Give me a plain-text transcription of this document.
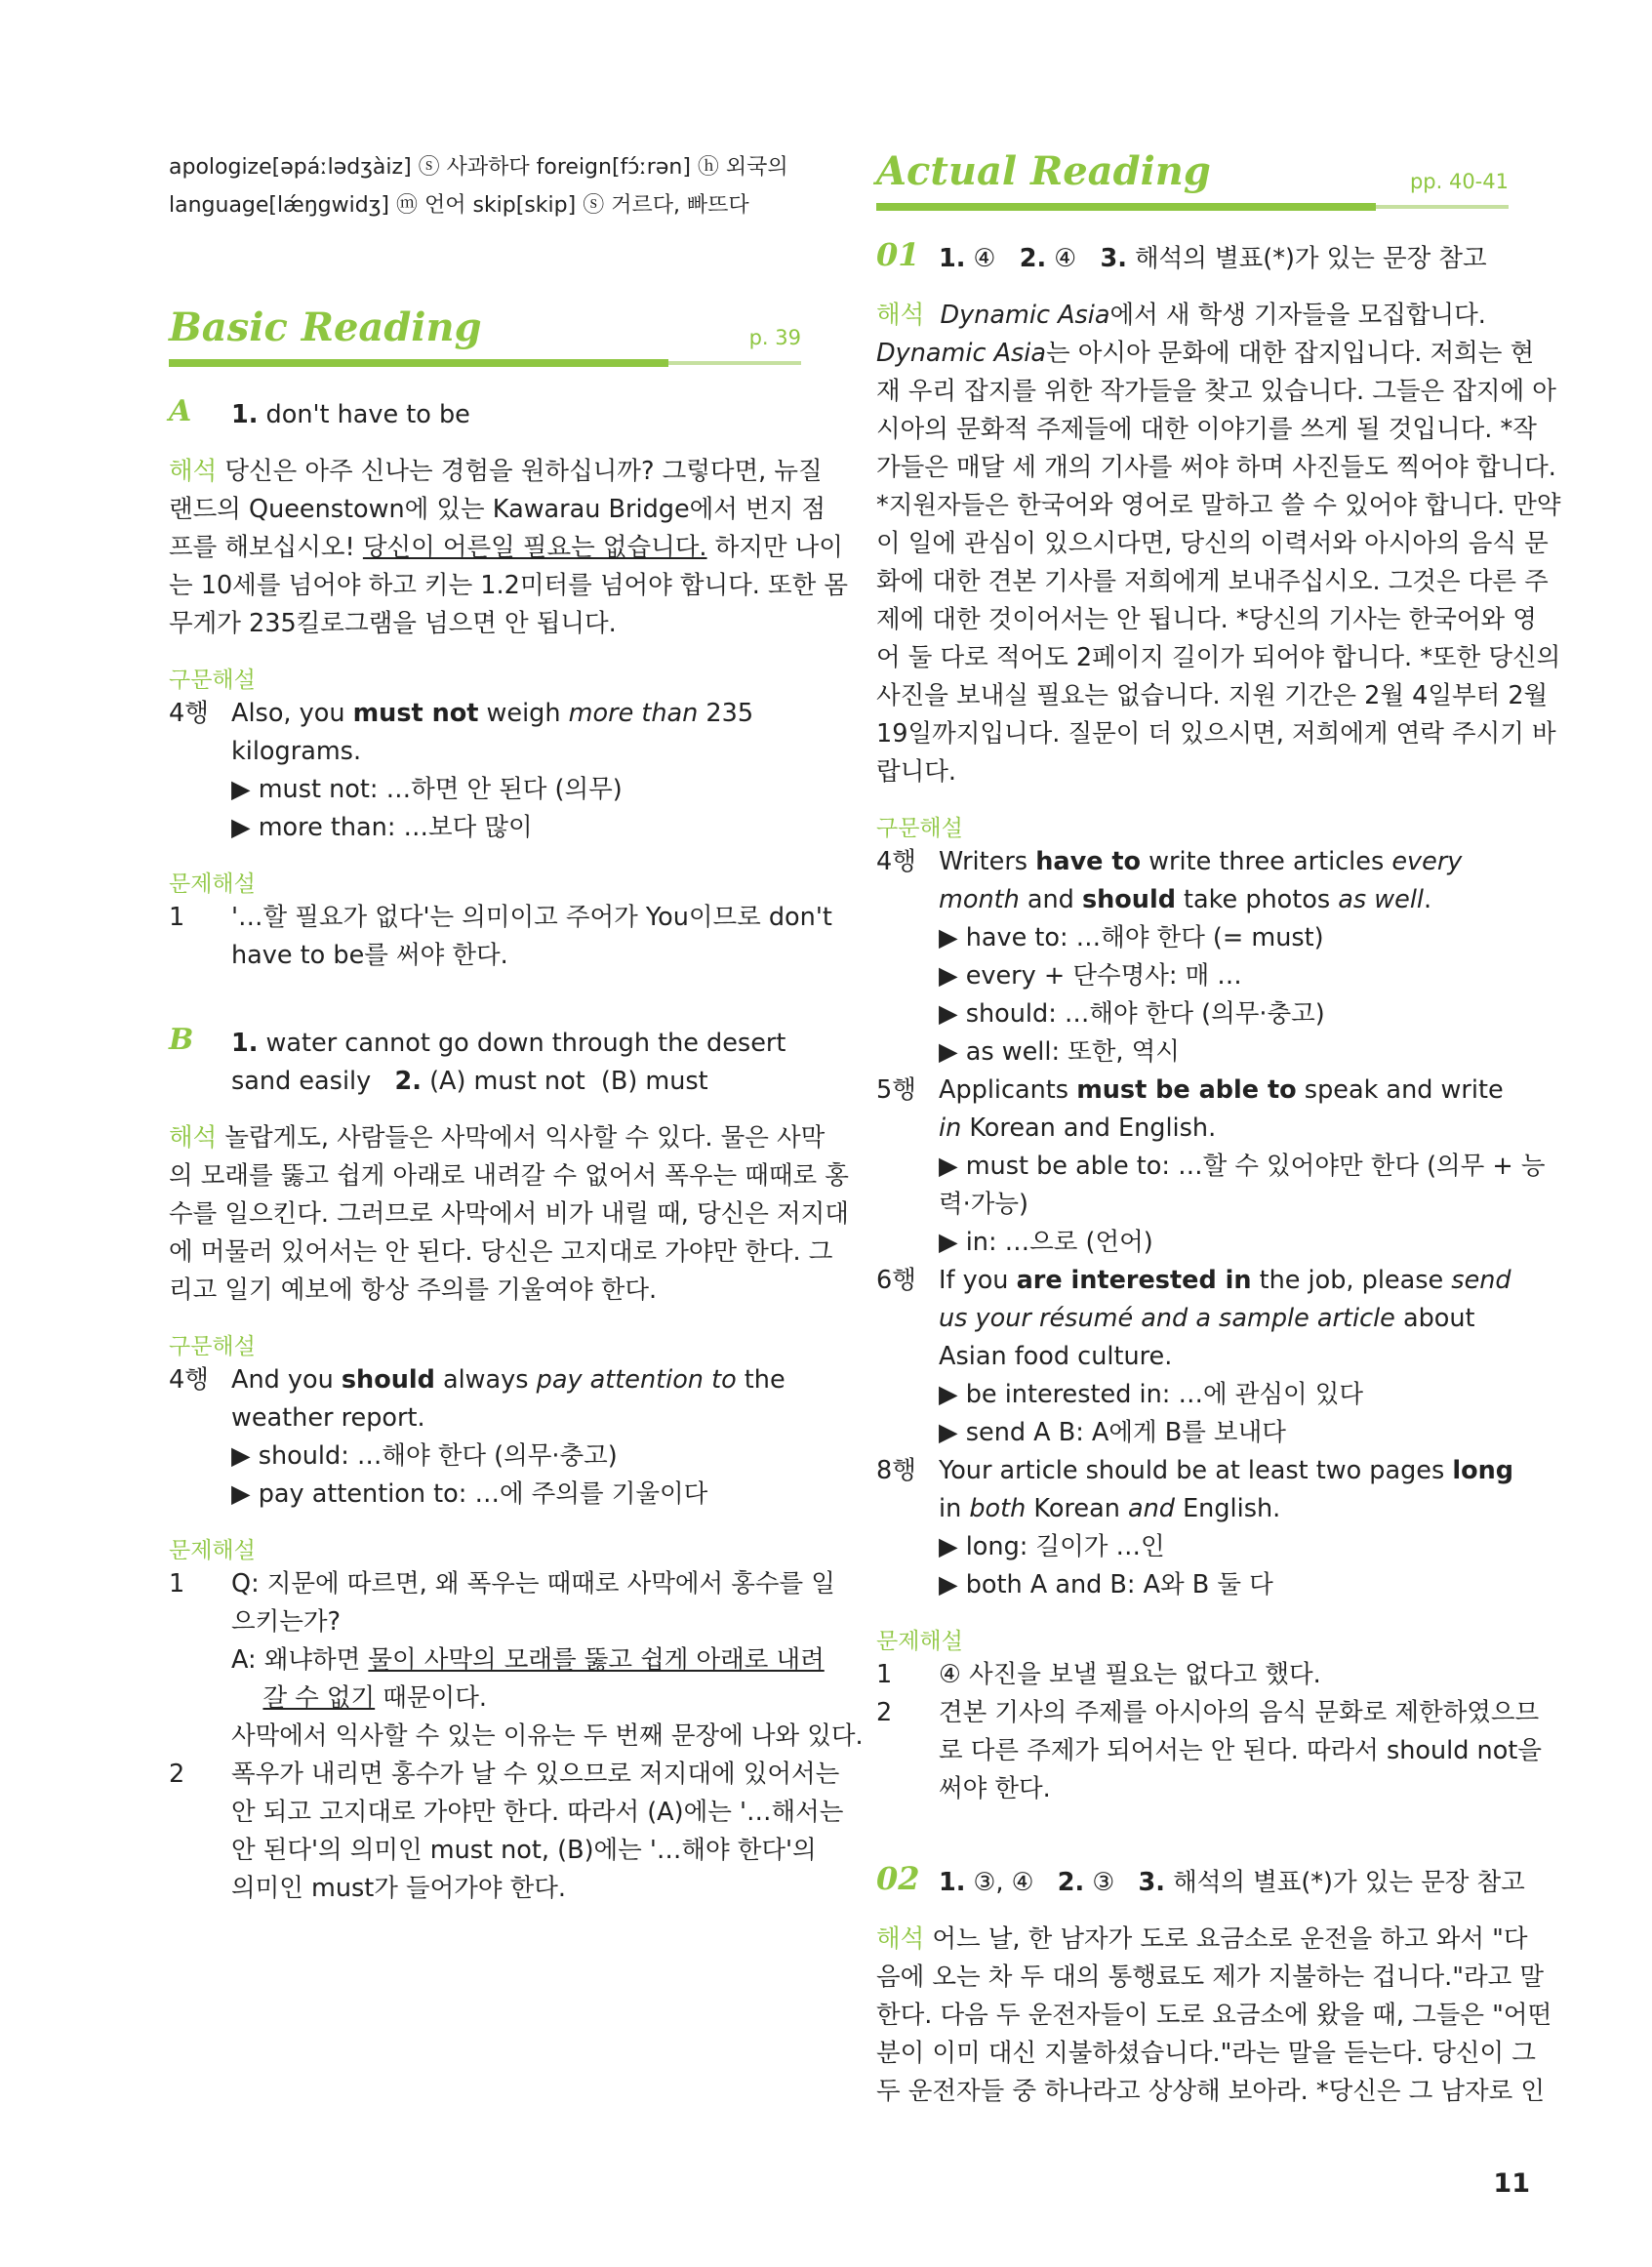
apologize[əpáːlədʒàiz] ⓢ 사과하다 foreign[fɔ́ːrən] ⓗ 외국의
language[lǽŋgwidʒ] ⓜ 언어 skip[skip] ⓢ 거르다, 빠뜨다
Basic Reading	p. 39
A 1. don't have to be
해석 당신은 아주 신나는 경험을 원하십니까? 그렇다면, 뉴질
랜드의 Queenstown에 있는 Kawarau Bridge에서 번지 점
프를 해보십시오! 당신이 어른일 필요는 없습니다. 하지만 나이
는 10세를 넘어야 하고 키는 1.2미터를 넘어야 합니다. 또한 몸
무게가 235킬로그램을 넘으면 안 됩니다.
구문해설
4행 Also, you must not weigh more than 235
kilograms.
▶ must not: …하면 안 된다 (의무)
▶ more than: …보다 많이
문제해설
1 '…할 필요가 없다'는 의미이고 주어가 You이므로 don't
have to be를 써야 한다.
B 1. water cannot go down through the desert
sand easily   2. (A) must not  (B) must
해석 놀랍게도, 사람들은 사막에서 익사할 수 있다. 물은 사막
의 모래를 뚫고 쉽게 아래로 내려갈 수 없어서 폭우는 때때로 홍
수를 일으킨다. 그러므로 사막에서 비가 내릴 때, 당신은 저지대
에 머물러 있어서는 안 된다. 당신은 고지대로 가야만 한다. 그
리고 일기 예보에 항상 주의를 기울여야 한다.
구문해설
4행 And you should always pay attention to the
weather report.
▶ should: …해야 한다 (의무·충고)
▶ pay attention to: …에 주의를 기울이다
문제해설
1 Q: 지문에 따르면, 왜 폭우는 때때로 사막에서 홍수를 일
으키는가?
A: 왜냐하면 물이 사막의 모래를 뚫고 쉽게 아래로 내려
갈 수 없기 때문이다.
사막에서 익사할 수 있는 이유는 두 번째 문장에 나와 있다.
2 폭우가 내리면 홍수가 날 수 있으므로 저지대에 있어서는
안 되고 고지대로 가야만 한다. 따라서 (A)에는 '…해서는
안 된다'의 의미인 must not, (B)에는 '…해야 한다'의
의미인 must가 들어가야 한다.
Actual Reading	pp. 40-41
01 1. ④   2. ④   3. 해석의 별표(*)가 있는 문장 참고
해석 Dynamic Asia에서 새 학생 기자들을 모집합니다.
Dynamic Asia는 아시아 문화에 대한 잡지입니다. 저희는 현
재 우리 잡지를 위한 작가들을 찾고 있습니다. 그들은 잡지에 아
시아의 문화적 주제들에 대한 이야기를 쓰게 될 것입니다. *작
가들은 매달 세 개의 기사를 써야 하며 사진들도 찍어야 합니다.
*지원자들은 한국어와 영어로 말하고 쓸 수 있어야 합니다. 만약
이 일에 관심이 있으시다면, 당신의 이력서와 아시아의 음식 문
화에 대한 견본 기사를 저희에게 보내주십시오. 그것은 다른 주
제에 대한 것이어서는 안 됩니다. *당신의 기사는 한국어와 영
어 둘 다로 적어도 2페이지 길이가 되어야 합니다. *또한 당신의
사진을 보내실 필요는 없습니다. 지원 기간은 2월 4일부터 2월
19일까지입니다. 질문이 더 있으시면, 저희에게 연락 주시기 바
랍니다.
구문해설
4행 Writers have to write three articles every
month and should take photos as well.
▶ have to: …해야 한다 (= must)
▶ every + 단수명사: 매 …
▶ should: …해야 한다 (의무·충고)
▶ as well: 또한, 역시
5행 Applicants must be able to speak and write
in Korean and English.
▶ must be able to: …할 수 있어야만 한다 (의무 + 능
력·가능)
▶ in: …으로 (언어)
6행 If you are interested in the job, please send
us your résumé and a sample article about
Asian food culture.
▶ be interested in: …에 관심이 있다
▶ send A B: A에게 B를 보내다
8행 Your article should be at least two pages long
in both Korean and English.
▶ long: 길이가 …인
▶ both A and B: A와 B 둘 다
문제해설
1 ④ 사진을 보낼 필요는 없다고 했다.
2 견본 기사의 주제를 아시아의 음식 문화로 제한하였으므
로 다른 주제가 되어서는 안 된다. 따라서 should not을
써야 한다.
02 1. ③, ④   2. ③   3. 해석의 별표(*)가 있는 문장 참고
해석 어느 날, 한 남자가 도로 요금소로 운전을 하고 와서 "다
음에 오는 차 두 대의 통행료도 제가 지불하는 겁니다."라고 말
한다. 다음 두 운전자들이 도로 요금소에 왔을 때, 그들은 "어떤
분이 이미 대신 지불하셨습니다."라는 말을 듣는다. 당신이 그
두 운전자들 중 하나라고 상상해 보아라. *당신은 그 남자로 인
11
